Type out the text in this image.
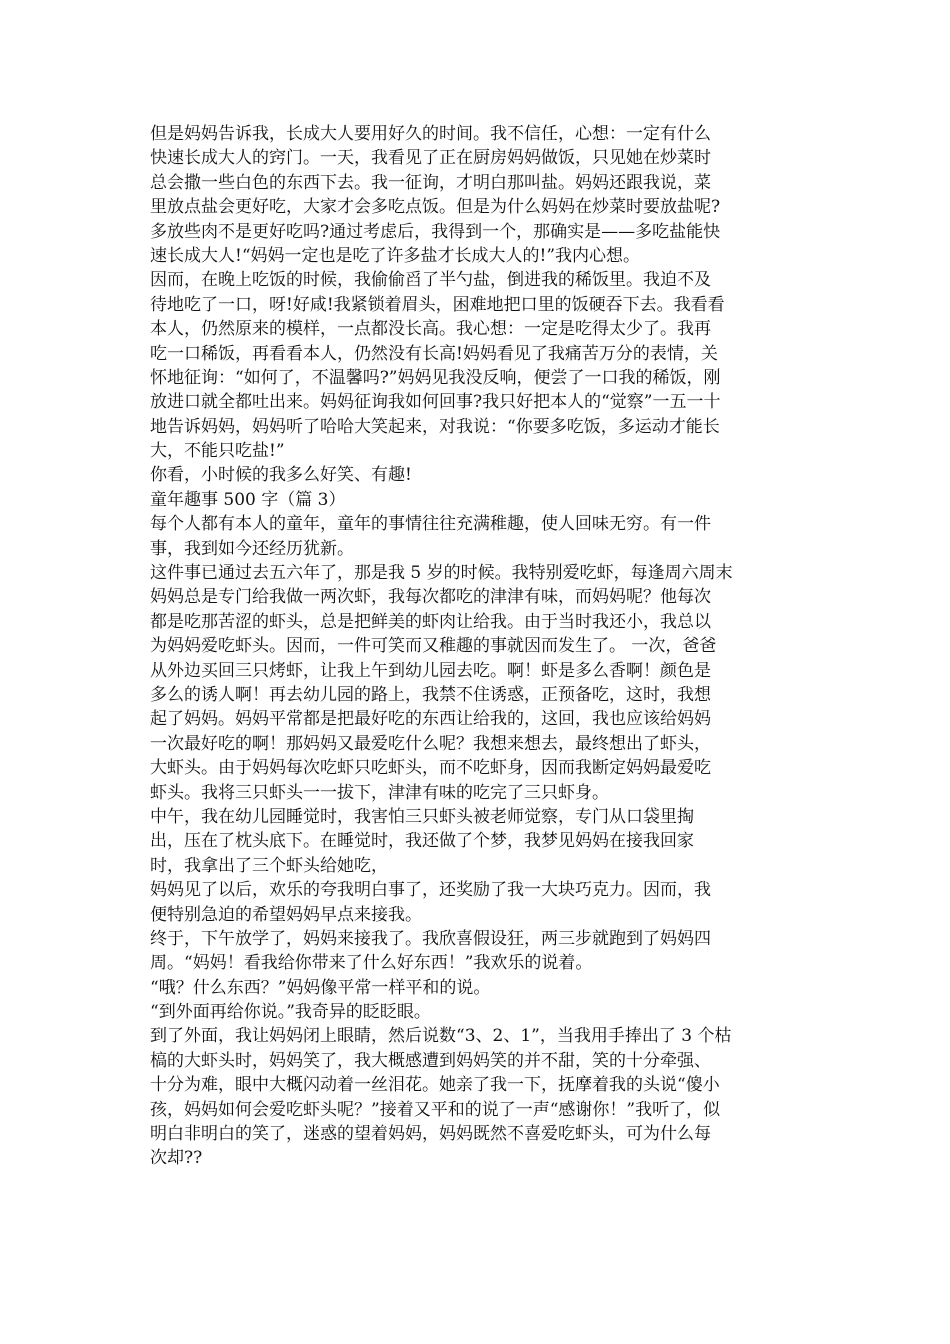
但是妈妈告诉我，长成大人要用好久的时间。我不信任，心想：一定有什么
快速长成大人的窍门。一天，我看见了正在厨房妈妈做饭，只见她在炒菜时
总会撒一些白色的东西下去。我一征询，才明白那叫盐。妈妈还跟我说，菜
里放点盐会更好吃，大家才会多吃点饭。但是为什么妈妈在炒菜时要放盐呢?
多放些肉不是更好吃吗?通过考虑后，我得到一个，那确实是——多吃盐能快
速长成大人!“妈妈一定也是吃了许多盐才长成大人的!”我内心想。
因而，在晚上吃饭的时候，我偷偷舀了半勺盐，倒进我的稀饭里。我迫不及
待地吃了一口，呀!好咸!我紧锁着眉头，困难地把口里的饭硬吞下去。我看看
本人，仍然原来的模样，一点都没长高。我心想：一定是吃得太少了。我再
吃一口稀饭，再看看本人，仍然没有长高!妈妈看见了我痛苦万分的表情，关
怀地征询：“如何了，不温馨吗?”妈妈见我没反响，便尝了一口我的稀饭，刚
放进口就全都吐出来。妈妈征询我如何回事?我只好把本人的“觉察”一五一十
地告诉妈妈，妈妈听了哈哈大笑起来，对我说：“你要多吃饭，多运动才能长
大，不能只吃盐!”
你看，小时候的我多么好笑、有趣!
童年趣事 500 字（篇 3）
每个人都有本人的童年，童年的事情往往充满稚趣，使人回味无穷。有一件
事，我到如今还经历犹新。
这件事已通过去五六年了，那是我 5 岁的时候。我特别爱吃虾，每逢周六周末
妈妈总是专门给我做一两次虾，我每次都吃的津津有味，而妈妈呢？他每次
都是吃那苦涩的虾头，总是把鲜美的虾肉让给我。由于当时我还小，我总以
为妈妈爱吃虾头。因而，一件可笑而又稚趣的事就因而发生了。 一次，爸爸
从外边买回三只烤虾，让我上午到幼儿园去吃。啊！虾是多么香啊！颜色是
多么的诱人啊！再去幼儿园的路上，我禁不住诱惑，正预备吃，这时，我想
起了妈妈。妈妈平常都是把最好吃的东西让给我的，这回，我也应该给妈妈
一次最好吃的啊！那妈妈又最爱吃什么呢？我想来想去，最终想出了虾头，
大虾头。由于妈妈每次吃虾只吃虾头，而不吃虾身，因而我断定妈妈最爱吃
虾头。我将三只虾头一一拔下，津津有味的吃完了三只虾身。
中午，我在幼儿园睡觉时，我害怕三只虾头被老师觉察，专门从口袋里掏
出，压在了枕头底下。在睡觉时，我还做了个梦，我梦见妈妈在接我回家
时，我拿出了三个虾头给她吃，
妈妈见了以后，欢乐的夸我明白事了，还奖励了我一大块巧克力。因而，我
便特别急迫的希望妈妈早点来接我。
终于，下午放学了，妈妈来接我了。我欣喜假设狂，两三步就跑到了妈妈四
周。“妈妈！看我给你带来了什么好东西！”我欢乐的说着。
“哦？什么东西？”妈妈像平常一样平和的说。
“到外面再给你说。”我奇异的眨眨眼。
到了外面，我让妈妈闭上眼睛，然后说数“3、2、1”，当我用手捧出了 3 个枯
槁的大虾头时，妈妈笑了，我大概感遭到妈妈笑的并不甜，笑的十分牵强、
十分为难，眼中大概闪动着一丝泪花。她亲了我一下，抚摩着我的头说“傻小
孩，妈妈如何会爱吃虾头呢？”接着又平和的说了一声“感谢你！”我听了，似
明白非明白的笑了，迷惑的望着妈妈，妈妈既然不喜爱吃虾头，可为什么每
次却??
